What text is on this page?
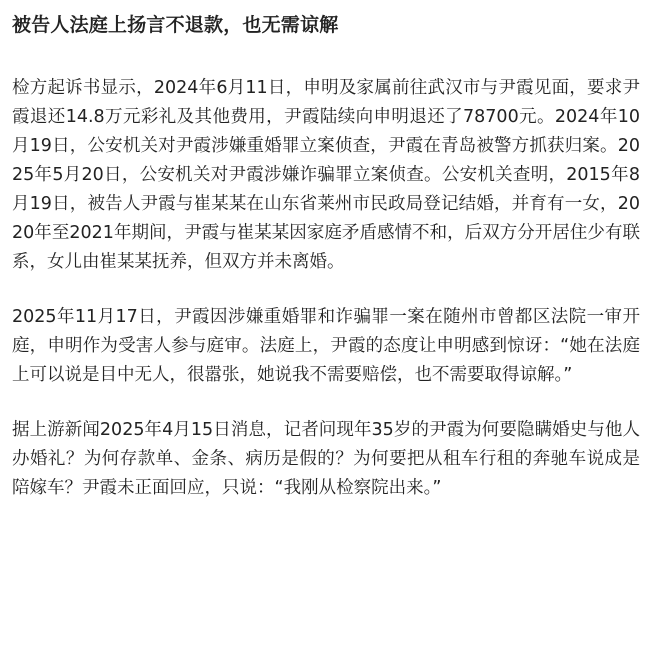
被告人法庭上扬言不退款，也无需谅解
检方起诉书显示，2024年6月11日，申明及家属前往武汉市与尹霞见面，要求尹霞退还14.8万元彩礼及其他费用，尹霞陆续向申明退还了78700元。2024年10月19日，公安机关对尹霞涉嫌重婚罪立案侦查，尹霞在青岛被警方抓获归案。2025年5月20日，公安机关对尹霞涉嫌诈骗罪立案侦查。公安机关查明，2015年8月19日，被告人尹霞与崔某某在山东省莱州市民政局登记结婚，并育有一女，2020年至2021年期间，尹霞与崔某某因家庭矛盾感情不和，后双方分开居住少有联系，女儿由崔某某抚养，但双方并未离婚。
2025年11月17日，尹霞因涉嫌重婚罪和诈骗罪一案在随州市曾都区法院一审开庭，申明作为受害人参与庭审。法庭上，尹霞的态度让申明感到惊讶：“她在法庭上可以说是目中无人，很嚣张，她说我不需要赔偿，也不需要取得谅解。”
据上游新闻2025年4月15日消息，记者问现年35岁的尹霞为何要隐瞒婚史与他人办婚礼？为何存款单、金条、病历是假的？为何要把从租车行租的奔驰车说成是陪嫁车？尹霞未正面回应，只说：“我刚从检察院出来。”
